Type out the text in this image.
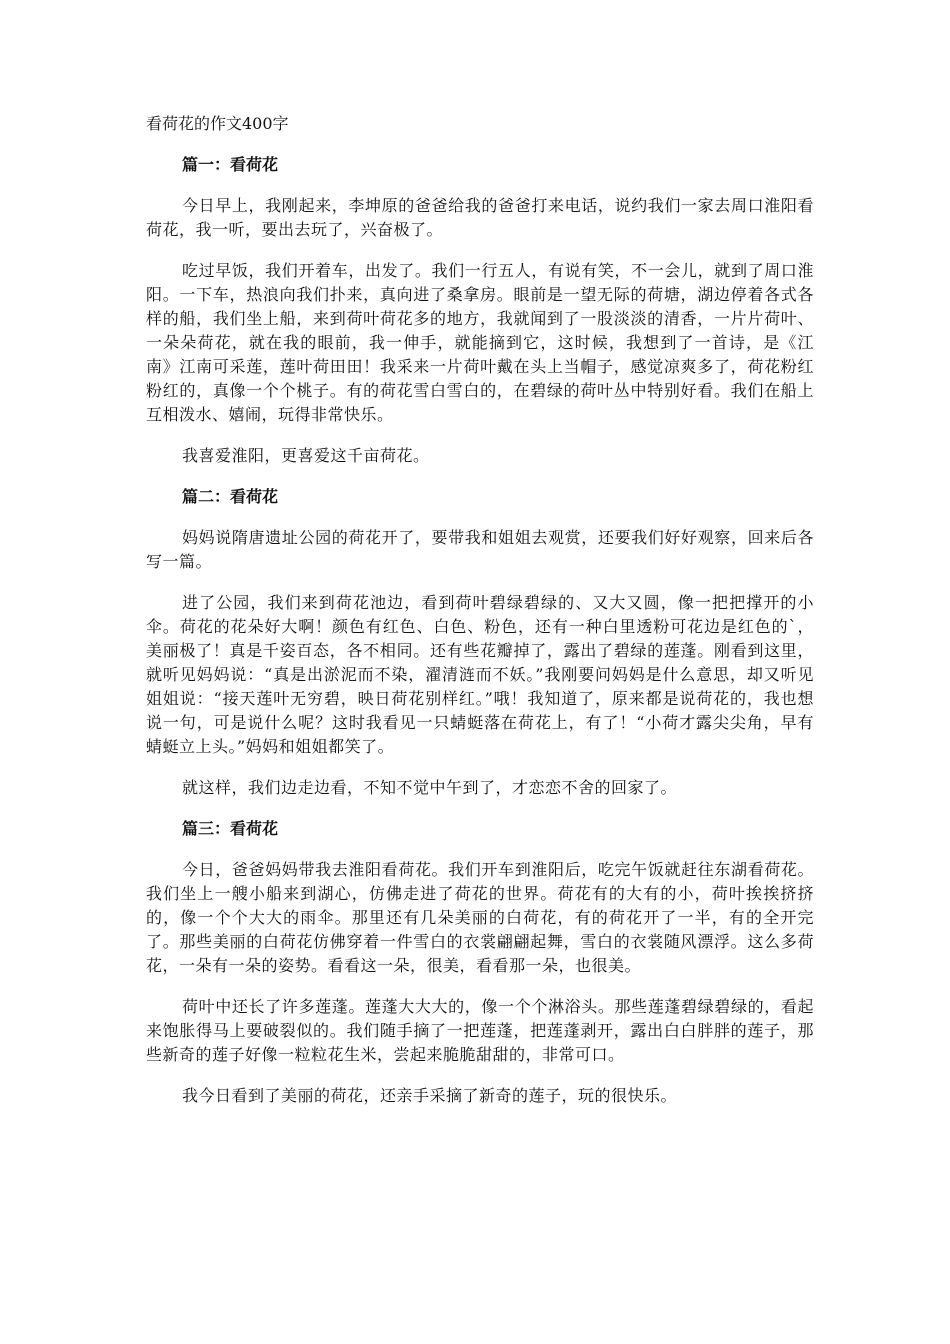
看荷花的作文400字
篇一：看荷花

今日早上，我刚起来，李坤原的爸爸给我的爸爸打来电话，说约我们一家去周口淮阳看荷花，我一听，要出去玩了，兴奋极了。

吃过早饭，我们开着车，出发了。我们一行五人，有说有笑，不一会儿，就到了周口淮阳。一下车，热浪向我们扑来，真向进了桑拿房。眼前是一望无际的荷塘，湖边停着各式各样的船，我们坐上船，来到荷叶荷花多的地方，我就闻到了一股淡淡的清香，一片片荷叶、一朵朵荷花，就在我的眼前，我一伸手，就能摘到它，这时候，我想到了一首诗，是《江南》江南可采莲，莲叶荷田田！我采来一片荷叶戴在头上当帽子，感觉凉爽多了，荷花粉红粉红的，真像一个个桃子。有的荷花雪白雪白的，在碧绿的荷叶丛中特别好看。我们在船上互相泼水、嬉闹，玩得非常快乐。

我喜爱淮阳，更喜爱这千亩荷花。

篇二：看荷花

妈妈说隋唐遗址公园的荷花开了，要带我和姐姐去观赏，还要我们好好观察，回来后各写一篇。

进了公园，我们来到荷花池边，看到荷叶碧绿碧绿的、又大又圆，像一把把撑开的小伞。荷花的花朵好大啊！颜色有红色、白色、粉色，还有一种白里透粉可花边是红色的`，美丽极了！真是千姿百态，各不相同。还有些花瓣掉了，露出了碧绿的莲蓬。刚看到这里，就听见妈妈说：“真是出淤泥而不染，濯清涟而不妖。”我刚要问妈妈是什么意思，却又听见姐姐说：“接天莲叶无穷碧，映日荷花别样红。”哦！我知道了，原来都是说荷花的，我也想说一句，可是说什么呢？这时我看见一只蜻蜓落在荷花上，有了！“小荷才露尖尖角，早有蜻蜓立上头。”妈妈和姐姐都笑了。

就这样，我们边走边看，不知不觉中午到了，才恋恋不舍的回家了。

篇三：看荷花

今日，爸爸妈妈带我去淮阳看荷花。我们开车到淮阳后，吃完午饭就赶往东湖看荷花。我们坐上一艘小船来到湖心，仿佛走进了荷花的世界。荷花有的大有的小，荷叶挨挨挤挤的，像一个个大大的雨伞。那里还有几朵美丽的白荷花，有的荷花开了一半，有的全开完了。那些美丽的白荷花仿佛穿着一件雪白的衣裳翩翩起舞，雪白的衣裳随风漂浮。这么多荷花，一朵有一朵的姿势。看看这一朵，很美，看看那一朵，也很美。

荷叶中还长了许多莲蓬。莲蓬大大大的，像一个个淋浴头。那些莲蓬碧绿碧绿的，看起来饱胀得马上要破裂似的。我们随手摘了一把莲蓬，把莲蓬剥开，露出白白胖胖的莲子，那些新奇的莲子好像一粒粒花生米，尝起来脆脆甜甜的，非常可口。

我今日看到了美丽的荷花，还亲手采摘了新奇的莲子，玩的很快乐。
